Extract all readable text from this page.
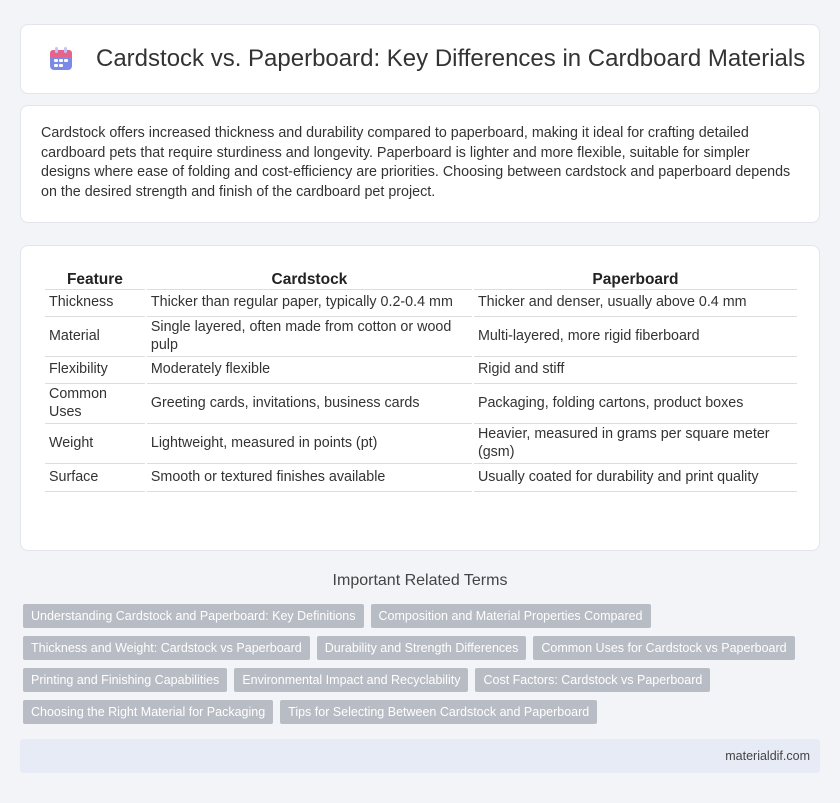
Cardstock vs. Paperboard: Key Differences in Cardboard Materials

Cardstock offers increased thickness and durability compared to paperboard, making it ideal for crafting detailed cardboard pets that require sturdiness and longevity. Paperboard is lighter and more flexible, suitable for simpler designs where ease of folding and cost-efficiency are priorities. Choosing between cardstock and paperboard depends on the desired strength and finish of the cardboard pet project.

Feature	Cardstock	Paperboard
Thickness	Thicker than regular paper, typically 0.2-0.4 mm	Thicker and denser, usually above 0.4 mm
Material	Single layered, often made from cotton or wood pulp	Multi-layered, more rigid fiberboard
Flexibility	Moderately flexible	Rigid and stiff
Common Uses	Greeting cards, invitations, business cards	Packaging, folding cartons, product boxes
Weight	Lightweight, measured in points (pt)	Heavier, measured in grams per square meter (gsm)
Surface	Smooth or textured finishes available	Usually coated for durability and print quality
Important Related Terms
Understanding Cardstock and Paperboard: Key Definitions	Composition and Material Properties Compared
Thickness and Weight: Cardstock vs Paperboard	Durability and Strength Differences	Common Uses for Cardstock vs Paperboard
Printing and Finishing Capabilities	Environmental Impact and Recyclability	Cost Factors: Cardstock vs Paperboard
Choosing the Right Material for Packaging	Tips for Selecting Between Cardstock and Paperboard
materialdif.com
